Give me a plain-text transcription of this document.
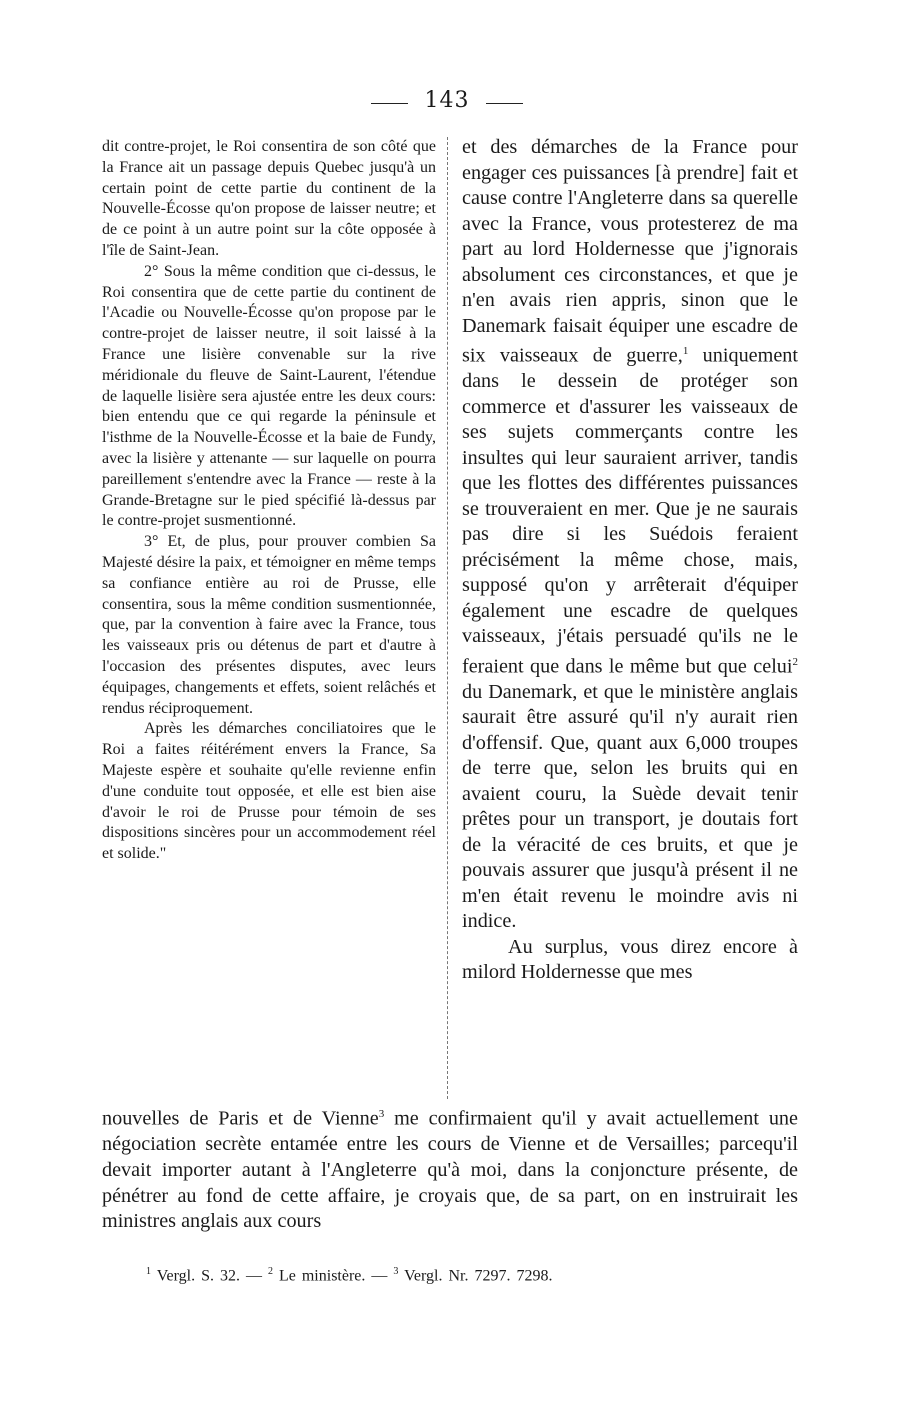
143

dit contre-projet, le Roi consentira de son côté que la France ait un passage depuis Quebec jusqu'à un certain point de cette partie du continent de la Nouvelle-Écosse qu'on propose de laisser neutre; et de ce point à un autre point sur la côte opposée à l'île de Saint-Jean.

2° Sous la même condition que ci-dessus, le Roi consentira que de cette partie du continent de l'Acadie ou Nouvelle-Écosse qu'on propose par le contre-projet de laisser neutre, il soit laissé à la France une lisière convenable sur la rive méridionale du fleuve de Saint-Laurent, l'étendue de laquelle lisière sera ajustée entre les deux cours: bien entendu que ce qui regarde la péninsule et l'isthme de la Nouvelle-Écosse et la baie de Fundy, avec la lisière y attenante — sur laquelle on pourra pareillement s'entendre avec la France — reste à la Grande-Bretagne sur le pied spécifié là-dessus par le contre-projet susmentionné.

3° Et, de plus, pour prouver combien Sa Majesté désire la paix, et témoigner en même temps sa confiance entière au roi de Prusse, elle consentira, sous la même condition susmentionnée, que, par la convention à faire avec la France, tous les vaisseaux pris ou détenus de part et d'autre à l'occasion des présentes disputes, avec leurs équipages, changements et effets, soient relâchés et rendus réciproquement.

Après les démarches conciliatoires que le Roi a faites réitérément envers la France, Sa Majeste espère et souhaite qu'elle revienne enfin d'une conduite tout opposée, et elle est bien aise d'avoir le roi de Prusse pour témoin de ses dispositions sincères pour un accommodement réel et solide."

et des démarches de la France pour engager ces puissances [à prendre] fait et cause contre l'Angleterre dans sa querelle avec la France, vous protesterez de ma part au lord Holdernesse que j'ignorais absolument ces circonstances, et que je n'en avais rien appris, sinon que le Danemark faisait équiper une escadre de six vaisseaux de guerre,$^1$ uniquement dans le dessein de protéger son commerce et d'assurer les vaisseaux de ses sujets commerçants contre les insultes qui leur sauraient arriver, tandis que les flottes des différentes puissances se trouveraient en mer. Que je ne saurais pas dire si les Suédois feraient précisément la même chose, mais, supposé qu'on y arrêterait d'équiper également une escadre de quelques vaisseaux, j'étais persuadé qu'ils ne le feraient que dans le même but que celui$^2$ du Danemark, et que le ministère anglais saurait être assuré qu'il n'y aurait rien d'offensif. Que, quant aux 6,000 troupes de terre que, selon les bruits qui en avaient couru, la Suède devait tenir prêtes pour un transport, je doutais fort de la véracité de ces bruits, et que je pouvais assurer que jusqu'à présent il ne m'en était revenu le moindre avis ni indice.

Au surplus, vous direz encore à milord Holdernesse que mes

nouvelles de Paris et de Vienne$^3$ me confirmaient qu'il y avait actuellement une négociation secrète entamée entre les cours de Vienne et de Versailles; parcequ'il devait importer autant à l'Angleterre qu'à moi, dans la conjoncture présente, de pénétrer au fond de cette affaire, je croyais que, de sa part, on en instruirait les ministres anglais aux cours

$^1$ Vergl. S. 32. — $^2$ Le ministère. — $^3$ Vergl. Nr. 7297. 7298.
